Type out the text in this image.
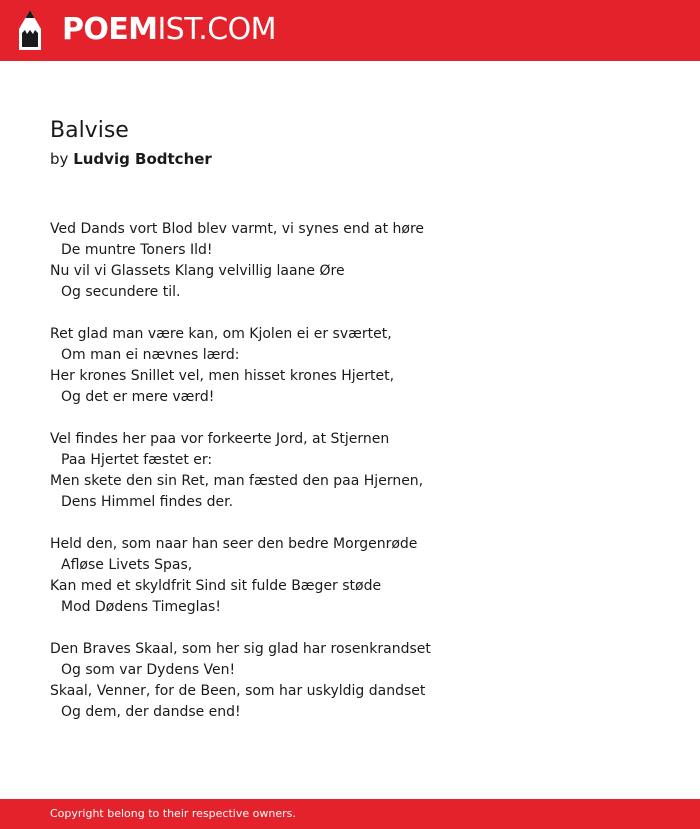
POEMIST.COM
Balvise
by Ludvig Bodtcher
Ved Dands vort Blod blev varmt, vi synes end at høre
De muntre Toners Ild!
Nu vil vi Glassets Klang velvillig laane Øre
Og secundere til.
Ret glad man være kan, om Kjolen ei er sværtet,
Om man ei nævnes lærd:
Her krones Snillet vel, men hisset krones Hjertet,
Og det er mere værd!
Vel findes her paa vor forkeerte Jord, at Stjernen
Paa Hjertet fæstet er:
Men skete den sin Ret, man fæsted den paa Hjernen,
Dens Himmel findes der.
Held den, som naar han seer den bedre Morgenrøde
Afløse Livets Spas,
Kan med et skyldfrit Sind sit fulde Bæger støde
Mod Dødens Timeglas!
Den Braves Skaal, som her sig glad har rosenkrandset
Og som var Dydens Ven!
Skaal, Venner, for de Been, som har uskyldig dandset
Og dem, der dandse end!
Copyright belong to their respective owners.
